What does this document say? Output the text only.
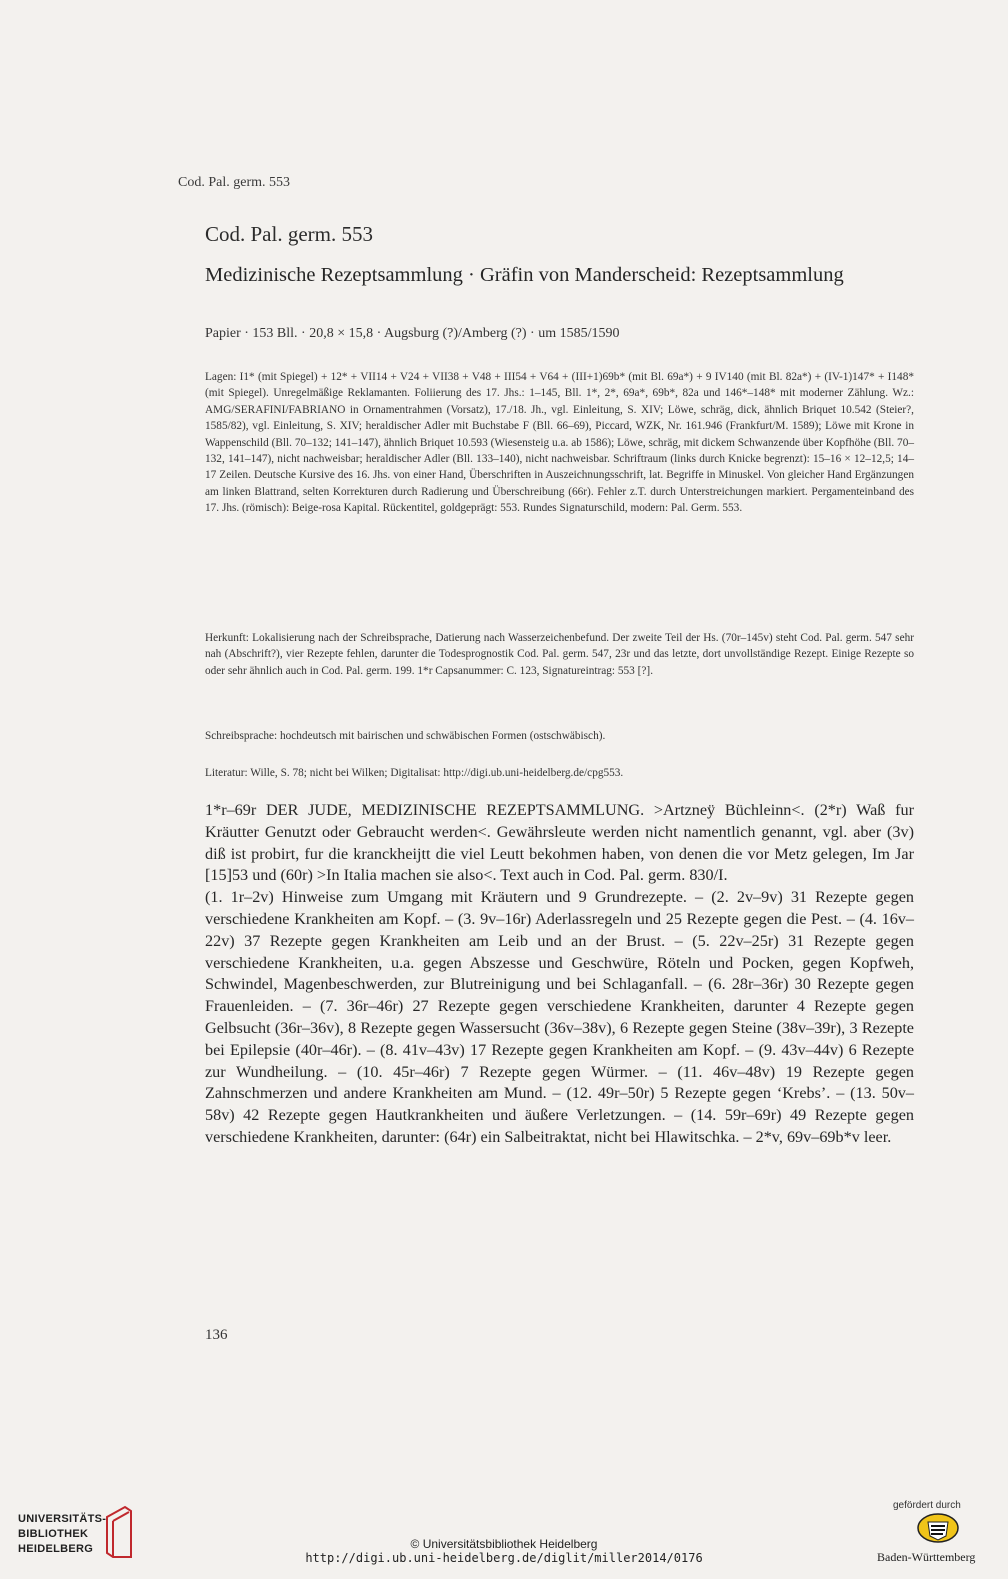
Cod. Pal. germ. 553
Cod. Pal. germ. 553
Medizinische Rezeptsammlung · Gräfin von Manderscheid: Rezeptsammlung
Papier · 153 Bll. · 20,8 × 15,8 · Augsburg (?)/Amberg (?) · um 1585/1590
Lagen: I1* (mit Spiegel) + 12* + VII14 + V24 + VII38 + V48 + III54 + V64 + (III+1)69b* (mit Bl. 69a*) + 9 IV140 (mit Bl. 82a*) + (IV-1)147* + I148* (mit Spiegel). Unregelmäßige Reklamanten. Foliierung des 17. Jhs.: 1–145, Bll. 1*, 2*, 69a*, 69b*, 82a und 146*–148* mit moderner Zählung. Wz.: AMG/SERAFINI/FABRIANO in Ornamentrahmen (Vorsatz), 17./18. Jh., vgl. Einleitung, S. XIV; Löwe, schräg, dick, ähnlich Briquet 10.542 (Steier?, 1585/82), vgl. Einleitung, S. XIV; heraldischer Adler mit Buchstabe F (Bll. 66–69), Piccard, WZK, Nr. 161.946 (Frankfurt/M. 1589); Löwe mit Krone in Wappenschild (Bll. 70–132; 141–147), ähnlich Briquet 10.593 (Wiesensteig u.a. ab 1586); Löwe, schräg, mit dickem Schwanzende über Kopfhöhe (Bll. 70–132, 141–147), nicht nachweisbar; heraldischer Adler (Bll. 133–140), nicht nachweisbar. Schriftraum (links durch Knicke begrenzt): 15–16 × 12–12,5; 14–17 Zeilen. Deutsche Kursive des 16. Jhs. von einer Hand, Überschriften in Auszeichnungsschrift, lat. Begriffe in Minuskel. Von gleicher Hand Ergänzungen am linken Blattrand, selten Korrekturen durch Radierung und Überschreibung (66r). Fehler z.T. durch Unterstreichungen markiert. Pergamenteinband des 17. Jhs. (römisch): Beige-rosa Kapital. Rückentitel, goldgeprägt: 553. Rundes Signaturschild, modern: Pal. Germ. 553.
Herkunft: Lokalisierung nach der Schreibsprache, Datierung nach Wasserzeichenbefund. Der zweite Teil der Hs. (70r–145v) steht Cod. Pal. germ. 547 sehr nah (Abschrift?), vier Rezepte fehlen, darunter die Todesprognostik Cod. Pal. germ. 547, 23r und das letzte, dort unvollständige Rezept. Einige Rezepte so oder sehr ähnlich auch in Cod. Pal. germ. 199. 1*r Capsanummer: C. 123, Signatureintrag: 553 [?].
Schreibsprache: hochdeutsch mit bairischen und schwäbischen Formen (ostschwäbisch).
Literatur: Wille, S. 78; nicht bei Wilken; Digitalisat: http://digi.ub.uni-heidelberg.de/cpg553.

1*r–69r DER JUDE, MEDIZINISCHE REZEPTSAMMLUNG. >Artzneÿ Büchleinn<. (2*r) Waß fur Kräutter Genutzt oder Gebraucht werden<. Gewährsleute werden nicht namentlich genannt, vgl. aber (3v) diß ist probirt, fur die kranckheijtt die viel Leutt bekohmen haben, von denen die vor Metz gelegen, Im Jar [15]53 und (60r) >In Italia machen sie also<. Text auch in Cod. Pal. germ. 830/I.

(1. 1r–2v) Hinweise zum Umgang mit Kräutern und 9 Grundrezepte. – (2. 2v–9v) 31 Rezepte gegen verschiedene Krankheiten am Kopf. – (3. 9v–16r) Aderlassregeln und 25 Rezepte gegen die Pest. – (4. 16v–22v) 37 Rezepte gegen Krankheiten am Leib und an der Brust. – (5. 22v–25r) 31 Rezepte gegen verschiedene Krankheiten, u.a. gegen Abszesse und Geschwüre, Röteln und Pocken, gegen Kopfweh, Schwindel, Magenbeschwerden, zur Blutreinigung und bei Schlaganfall. – (6. 28r–36r) 30 Rezepte gegen Frauenleiden. – (7. 36r–46r) 27 Rezepte gegen verschiedene Krankheiten, darunter 4 Rezepte gegen Gelbsucht (36r–36v), 8 Rezepte gegen Wassersucht (36v–38v), 6 Rezepte gegen Steine (38v–39r), 3 Rezepte bei Epilepsie (40r–46r). – (8. 41v–43v) 17 Rezepte gegen Krankheiten am Kopf. – (9. 43v–44v) 6 Rezepte zur Wundheilung. – (10. 45r–46r) 7 Rezepte gegen Würmer. – (11. 46v–48v) 19 Rezepte gegen Zahnschmerzen und andere Krankheiten am Mund. – (12. 49r–50r) 5 Rezepte gegen ‘Krebs’. – (13. 50v–58v) 42 Rezepte gegen Hautkrankheiten und äußere Verletzungen. – (14. 59r–69r) 49 Rezepte gegen verschiedene Krankheiten, darunter: (64r) ein Salbeitraktat, nicht bei Hlawitschka. – 2*v, 69v–69b*v leer.

136
UNIVERSITÄTS-
BIBLIOTHEK
HEIDELBERG	© Universitätsbibliothek Heidelberg
http://digi.ub.uni-heidelberg.de/diglit/miller2014/0176
gefördert durch
Baden-Württemberg
